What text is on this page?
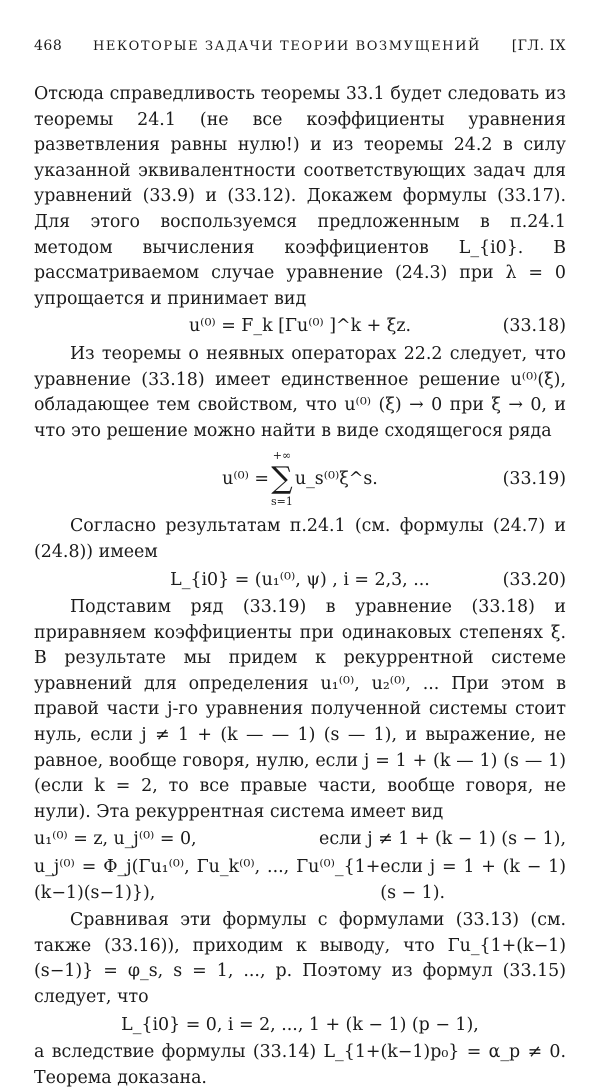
468 НЕКОТОРЫЕ ЗАДАЧИ ТЕОРИИ ВОЗМУЩЕНИЙ [ГЛ. IX

Отсюда справедливость теоремы 33.1 будет следовать из теоремы 24.1 (не все коэффициенты уравнения разветвления равны нулю!) и из теоремы 24.2 в силу указанной эквивалентности соответствующих задач для уравнений (33.9) и (33.12). Докажем формулы (33.17). Для этого воспользуемся предложенным в п.24.1 методом вычисления коэффициентов L_{i0}. В рассматриваемом случае уравнение (24.3) при λ = 0 упрощается и принимает вид

u⁽⁰⁾ = F_k [Γu⁽⁰⁾ ]^k + ξz.	(33.18)

Из теоремы о неявных операторах 22.2 следует, что уравнение (33.18) имеет единственное решение u⁽⁰⁾(ξ), обладающее тем свойством, что u⁽⁰⁾ (ξ) → 0 при ξ → 0, и что это решение можно найти в виде сходящегося ряда

u⁽⁰⁾ =
+∞
∑
s=1
u_s⁽⁰⁾ξ^s.	(33.19)

Согласно результатам п.24.1 (см. формулы (24.7) и (24.8)) имеем

L_{i0} = (u₁⁽⁰⁾, ψ) , i = 2,3, ...	(33.20)

Подставим ряд (33.19) в уравнение (33.18) и приравняем коэффициенты при одинаковых степенях ξ. В результате мы придем к рекуррентной системе уравнений для определения u₁⁽⁰⁾, u₂⁽⁰⁾, ... При этом в правой части j-го уравнения полученной системы стоит нуль, если j ≠ 1 + (k — — 1) (s — 1), и выражение, не равное, вообще говоря, нулю, если j = 1 + (k — 1) (s — 1) (если k = 2, то все правые части, вообще говоря, не нули). Эта рекуррентная система имеет вид

u₁⁽⁰⁾ = z, u_j⁽⁰⁾ = 0,	если j ≠ 1 + (k − 1) (s − 1),
u_j⁽⁰⁾ = Φ_j(Γu₁⁽⁰⁾, Γu_k⁽⁰⁾, ..., Γu⁽⁰⁾_{1+(k−1)(s−1)}),
если j = 1 + (k − 1) (s − 1).

Сравнивая эти формулы с формулами (33.13) (см. также (33.16)), приходим к выводу, что Γu_{1+(k−1)(s−1)} = φ_s, s = 1, ..., p. Поэтому из формул (33.15) следует, что

L_{i0} = 0, i = 2, ..., 1 + (k − 1) (p − 1),

а вследствие формулы (33.14) L_{1+(k−1)p₀} = α_p ≠ 0. Теорема доказана.
